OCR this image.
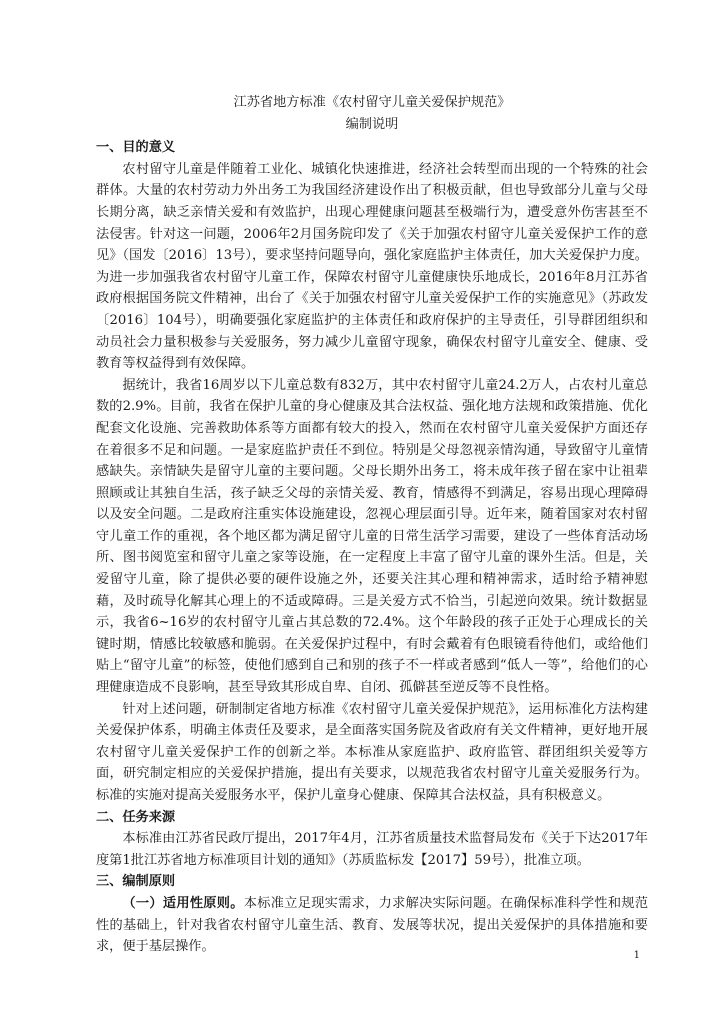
江苏省地方标准《农村留守儿童关爱保护规范》

编制说明

一、目的意义

农村留守儿童是伴随着工业化、城镇化快速推进，经济社会转型而出现的一个特殊的社会群体。大量的农村劳动力外出务工为我国经济建设作出了积极贡献，但也导致部分儿童与父母长期分离，缺乏亲情关爱和有效监护，出现心理健康问题甚至极端行为，遭受意外伤害甚至不法侵害。针对这一问题，2006年2月国务院印发了《关于加强农村留守儿童关爱保护工作的意见》（国发〔2016〕13号），要求坚持问题导向，强化家庭监护主体责任，加大关爱保护力度。为进一步加强我省农村留守儿童工作，保障农村留守儿童健康快乐地成长，2016年8月江苏省政府根据国务院文件精神，出台了《关于加强农村留守儿童关爱保护工作的实施意见》（苏政发〔2016〕104号），明确要强化家庭监护的主体责任和政府保护的主导责任，引导群团组织和动员社会力量积极参与关爱服务，努力减少儿童留守现象，确保农村留守儿童安全、健康、受教育等权益得到有效保障。

据统计，我省16周岁以下儿童总数有832万，其中农村留守儿童24.2万人，占农村儿童总数的2.9%。目前，我省在保护儿童的身心健康及其合法权益、强化地方法规和政策措施、优化配套文化设施、完善救助体系等方面都有较大的投入，然而在农村留守儿童关爱保护方面还存在着很多不足和问题。一是家庭监护责任不到位。特别是父母忽视亲情沟通，导致留守儿童情感缺失。亲情缺失是留守儿童的主要问题。父母长期外出务工，将未成年孩子留在家中让祖辈照顾或让其独自生活，孩子缺乏父母的亲情关爱、教育，情感得不到满足，容易出现心理障碍以及安全问题。二是政府注重实体设施建设，忽视心理层面引导。近年来，随着国家对农村留守儿童工作的重视，各个地区都为满足留守儿童的日常生活学习需要，建设了一些体育活动场所、图书阅览室和留守儿童之家等设施，在一定程度上丰富了留守儿童的课外生活。但是，关爱留守儿童，除了提供必要的硬件设施之外，还要关注其心理和精神需求，适时给予精神慰藉，及时疏导化解其心理上的不适或障碍。三是关爱方式不恰当，引起逆向效果。统计数据显示，我省6~16岁的农村留守儿童占其总数的72.4%。这个年龄段的孩子正处于心理成长的关键时期，情感比较敏感和脆弱。在关爱保护过程中，有时会戴着有色眼镜看待他们，或给他们贴上“留守儿童”的标签，使他们感到自己和别的孩子不一样或者感到“低人一等”，给他们的心理健康造成不良影响，甚至导致其形成自卑、自闭、孤僻甚至逆反等不良性格。

针对上述问题，研制制定省地方标准《农村留守儿童关爱保护规范》，运用标准化方法构建关爱保护体系，明确主体责任及要求，是全面落实国务院及省政府有关文件精神，更好地开展农村留守儿童关爱保护工作的创新之举。本标准从家庭监护、政府监管、群团组织关爱等方面，研究制定相应的关爱保护措施，提出有关要求，以规范我省农村留守儿童关爱服务行为。标准的实施对提高关爱服务水平，保护儿童身心健康、保障其合法权益，具有积极意义。

二、任务来源

本标准由江苏省民政厅提出，2017年4月，江苏省质量技术监督局发布《关于下达2017年度第1批江苏省地方标准项目计划的通知》（苏质监标发【2017】59号），批准立项。

三、编制原则

（一）适用性原则。本标准立足现实需求，力求解决实际问题。在确保标准科学性和规范性的基础上，针对我省农村留守儿童生活、教育、发展等状况，提出关爱保护的具体措施和要求，便于基层操作。

1
